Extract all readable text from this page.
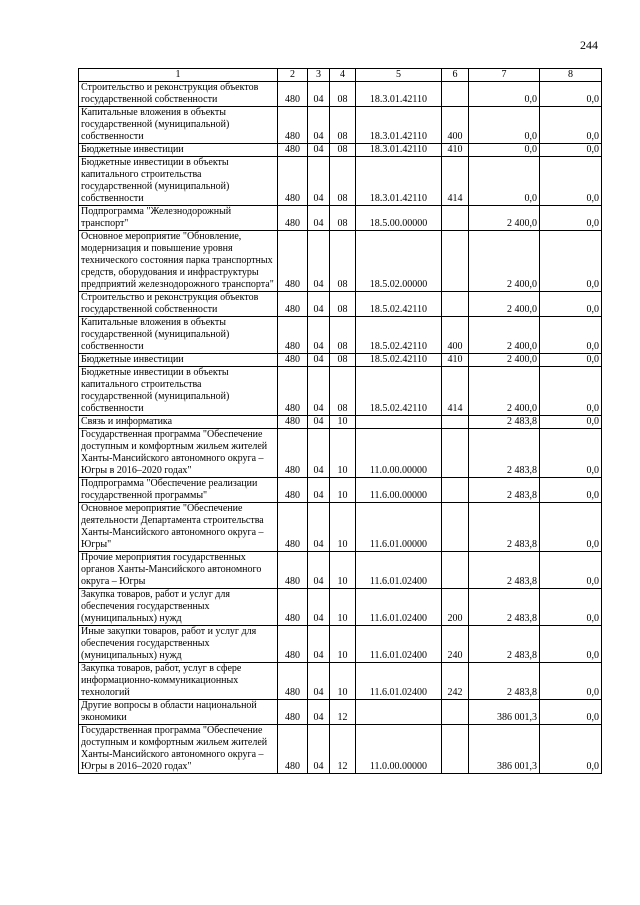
244
1	2	3	4	5	6	7	8
Строительство и реконструкция объектов государственной собственности	480	04	08	18.3.01.42110		0,0	0,0
Капитальные вложения в объекты государственной (муниципальной) собственности	480	04	08	18.3.01.42110	400	0,0	0,0
Бюджетные инвестиции	480	04	08	18.3.01.42110	410	0,0	0,0
Бюджетные инвестиции в объекты капитального строительства государственной (муниципальной) собственности	480	04	08	18.3.01.42110	414	0,0	0,0
Подпрограмма "Железнодорожный транспорт"	480	04	08	18.5.00.00000		2 400,0	0,0
Основное мероприятие "Обновление, модернизация и повышение уровня технического состояния парка транспортных средств, оборудования и инфраструктуры предприятий железнодорожного транспорта"	480	04	08	18.5.02.00000		2 400,0	0,0
Строительство и реконструкция объектов государственной собственности	480	04	08	18.5.02.42110		2 400,0	0,0
Капитальные вложения в объекты государственной (муниципальной) собственности	480	04	08	18.5.02.42110	400	2 400,0	0,0
Бюджетные инвестиции	480	04	08	18.5.02.42110	410	2 400,0	0,0
Бюджетные инвестиции в объекты капитального строительства государственной (муниципальной) собственности	480	04	08	18.5.02.42110	414	2 400,0	0,0
Связь и информатика	480	04	10			2 483,8	0,0
Государственная программа "Обеспечение доступным и комфортным жильем жителей Ханты-Мансийского автономного округа – Югры в 2016–2020 годах"	480	04	10	11.0.00.00000		2 483,8	0,0
Подпрограмма "Обеспечение реализации государственной программы"	480	04	10	11.6.00.00000		2 483,8	0,0
Основное мероприятие "Обеспечение деятельности Департамента строительства Ханты-Мансийского автономного округа – Югры"	480	04	10	11.6.01.00000		2 483,8	0,0
Прочие мероприятия государственных органов Ханты-Мансийского автономного округа – Югры	480	04	10	11.6.01.02400		2 483,8	0,0
Закупка товаров, работ и услуг для обеспечения государственных (муниципальных) нужд	480	04	10	11.6.01.02400	200	2 483,8	0,0
Иные закупки товаров, работ и услуг для обеспечения государственных (муниципальных) нужд	480	04	10	11.6.01.02400	240	2 483,8	0,0
Закупка товаров, работ, услуг в сфере информационно-коммуникационных технологий	480	04	10	11.6.01.02400	242	2 483,8	0,0
Другие вопросы в области национальной экономики	480	04	12			386 001,3	0,0
Государственная программа "Обеспечение доступным и комфортным жильем жителей Ханты-Мансийского автономного округа – Югры в 2016–2020 годах"	480	04	12	11.0.00.00000		386 001,3	0,0
